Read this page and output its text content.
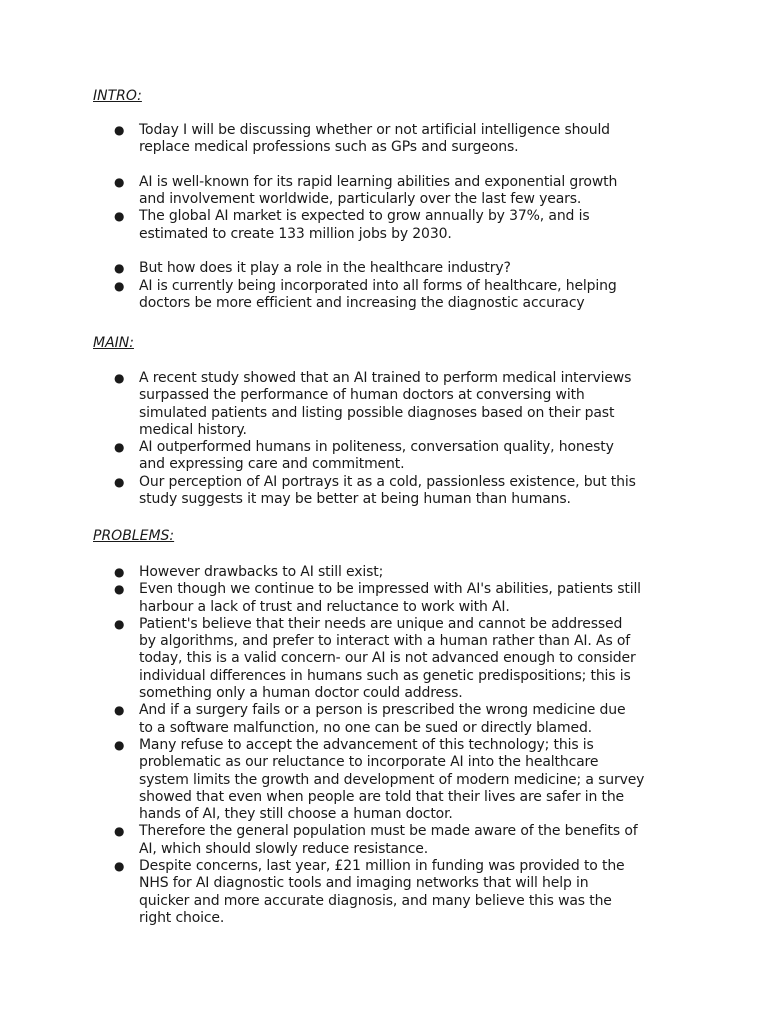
INTRO:
● Today I will be discussing whether or not artificial intelligence should
replace medical professions such as GPs and surgeons.
● AI is well-known for its rapid learning abilities and exponential growth
and involvement worldwide, particularly over the last few years.
● The global AI market is expected to grow annually by 37%, and is
estimated to create 133 million jobs by 2030.
● But how does it play a role in the healthcare industry?
● AI is currently being incorporated into all forms of healthcare, helping
doctors be more efficient and increasing the diagnostic accuracy
MAIN:
● A recent study showed that an AI trained to perform medical interviews
surpassed the performance of human doctors at conversing with
simulated patients and listing possible diagnoses based on their past
medical history.
● AI outperformed humans in politeness, conversation quality, honesty
and expressing care and commitment.
● Our perception of AI portrays it as a cold, passionless existence, but this
study suggests it may be better at being human than humans.
PROBLEMS:
● However drawbacks to AI still exist;
● Even though we continue to be impressed with AI's abilities, patients still
harbour a lack of trust and reluctance to work with AI.
● Patient's believe that their needs are unique and cannot be addressed
by algorithms, and prefer to interact with a human rather than AI. As of
today, this is a valid concern- our AI is not advanced enough to consider
individual differences in humans such as genetic predispositions; this is
something only a human doctor could address.
● And if a surgery fails or a person is prescribed the wrong medicine due
to a software malfunction, no one can be sued or directly blamed.
● Many refuse to accept the advancement of this technology; this is
problematic as our reluctance to incorporate AI into the healthcare
system limits the growth and development of modern medicine; a survey
showed that even when people are told that their lives are safer in the
hands of AI, they still choose a human doctor.
● Therefore the general population must be made aware of the benefits of
AI, which should slowly reduce resistance.
● Despite concerns, last year, £21 million in funding was provided to the
NHS for AI diagnostic tools and imaging networks that will help in
quicker and more accurate diagnosis, and many believe this was the
right choice.
